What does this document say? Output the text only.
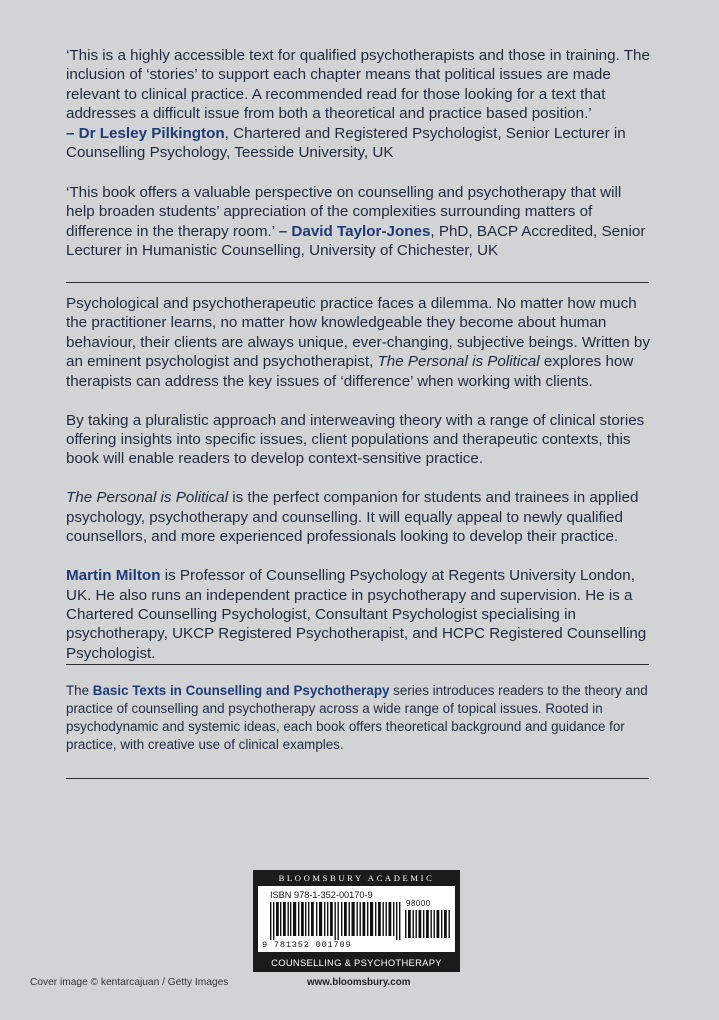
‘This is a highly accessible text for qualified psychotherapists and those in training. The inclusion of ‘stories’ to support each chapter means that political issues are made relevant to clinical practice. A recommended read for those looking for a text that addresses a difficult issue from both a theoretical and practice based position.’
– Dr Lesley Pilkington, Chartered and Registered Psychologist, Senior Lecturer in Counselling Psychology, Teesside University, UK

‘This book offers a valuable perspective on counselling and psychotherapy that will help broaden students’ appreciation of the complexities surrounding matters of difference in the therapy room.’ – David Taylor-Jones, PhD, BACP Accredited, Senior Lecturer in Humanistic Counselling, University of Chichester, UK

Psychological and psychotherapeutic practice faces a dilemma. No matter how much the practitioner learns, no matter how knowledgeable they become about human behaviour, their clients are always unique, ever-changing, subjective beings. Written by an eminent psychologist and psychotherapist, The Personal is Political explores how therapists can address the key issues of ‘difference’ when working with clients.

By taking a pluralistic approach and interweaving theory with a range of clinical stories offering insights into specific issues, client populations and therapeutic contexts, this book will enable readers to develop context-sensitive practice.

The Personal is Political is the perfect companion for students and trainees in applied psychology, psychotherapy and counselling. It will equally appeal to newly qualified counsellors, and more experienced professionals looking to develop their practice.

Martin Milton is Professor of Counselling Psychology at Regents University London, UK. He also runs an independent practice in psychotherapy and supervision. He is a Chartered Counselling Psychologist, Consultant Psychologist specialising in psychotherapy, UKCP Registered Psychotherapist, and HCPC Registered Counselling Psychologist.

The Basic Texts in Counselling and Psychotherapy series introduces readers to the theory and practice of counselling and psychotherapy across a wide range of topical issues. Rooted in psychodynamic and systemic ideas, each book offers theoretical background and guidance for practice, with creative use of clinical examples.

BLOOMSBURY ACADEMIC
ISBN 978-1-352-00170-9
98000
9 781352 001709
COUNSELLING & PSYCHOTHERAPY
Cover image © kentarcajuan / Getty Images	www.bloomsbury.com
